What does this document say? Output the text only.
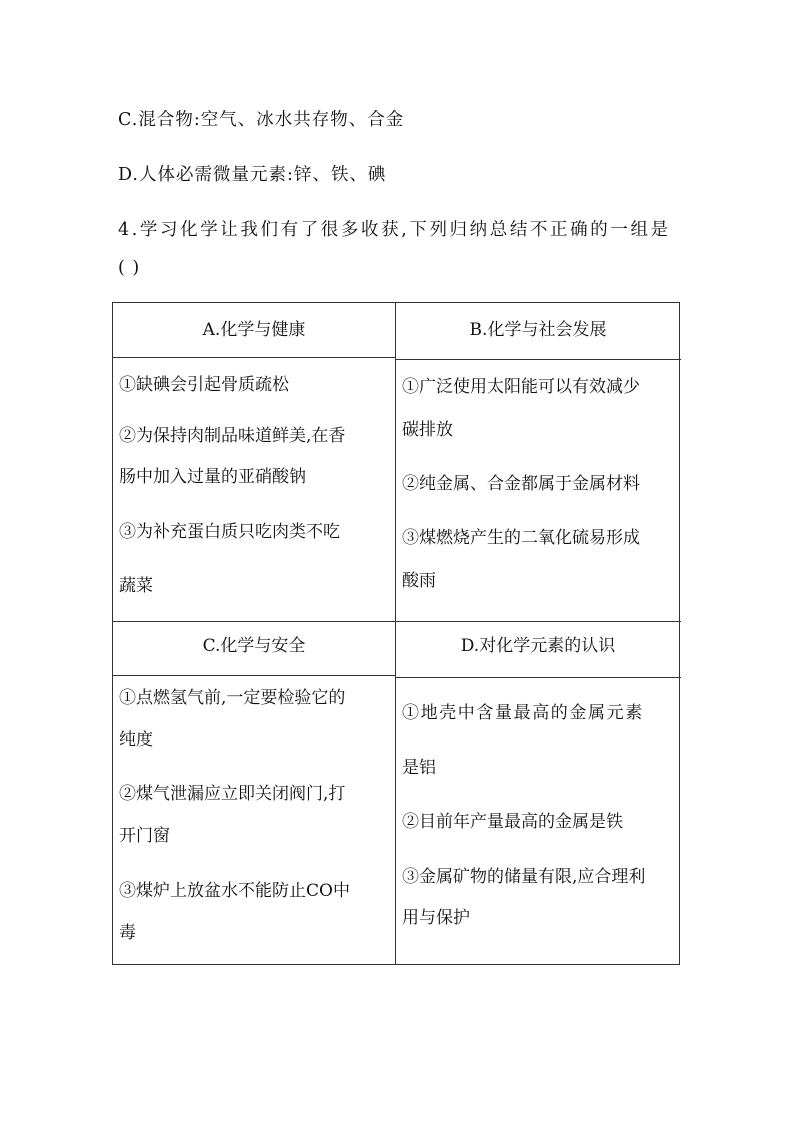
C.混合物:空气、冰水共存物、合金
D.人体必需微量元素:锌、铁、碘
4.学习化学让我们有了很多收获,下列归纳总结不正确的一组是
( )
A.化学与健康	B.化学与社会发展

①缺碘会引起骨质疏松

②为保持肉制品味道鲜美,在香

肠中加入过量的亚硝酸钠

③为补充蛋白质只吃肉类不吃

蔬菜

①广泛使用太阳能可以有效减少

碳排放

②纯金属、合金都属于金属材料

③煤燃烧产生的二氧化硫易形成

酸雨

C.化学与安全	D.对化学元素的认识

①点燃氢气前,一定要检验它的

纯度

②煤气泄漏应立即关闭阀门,打

开门窗

③煤炉上放盆水不能防止CO中

毒

①地壳中含量最高的金属元素

是铝

②目前年产量最高的金属是铁

③金属矿物的储量有限,应合理利

用与保护
